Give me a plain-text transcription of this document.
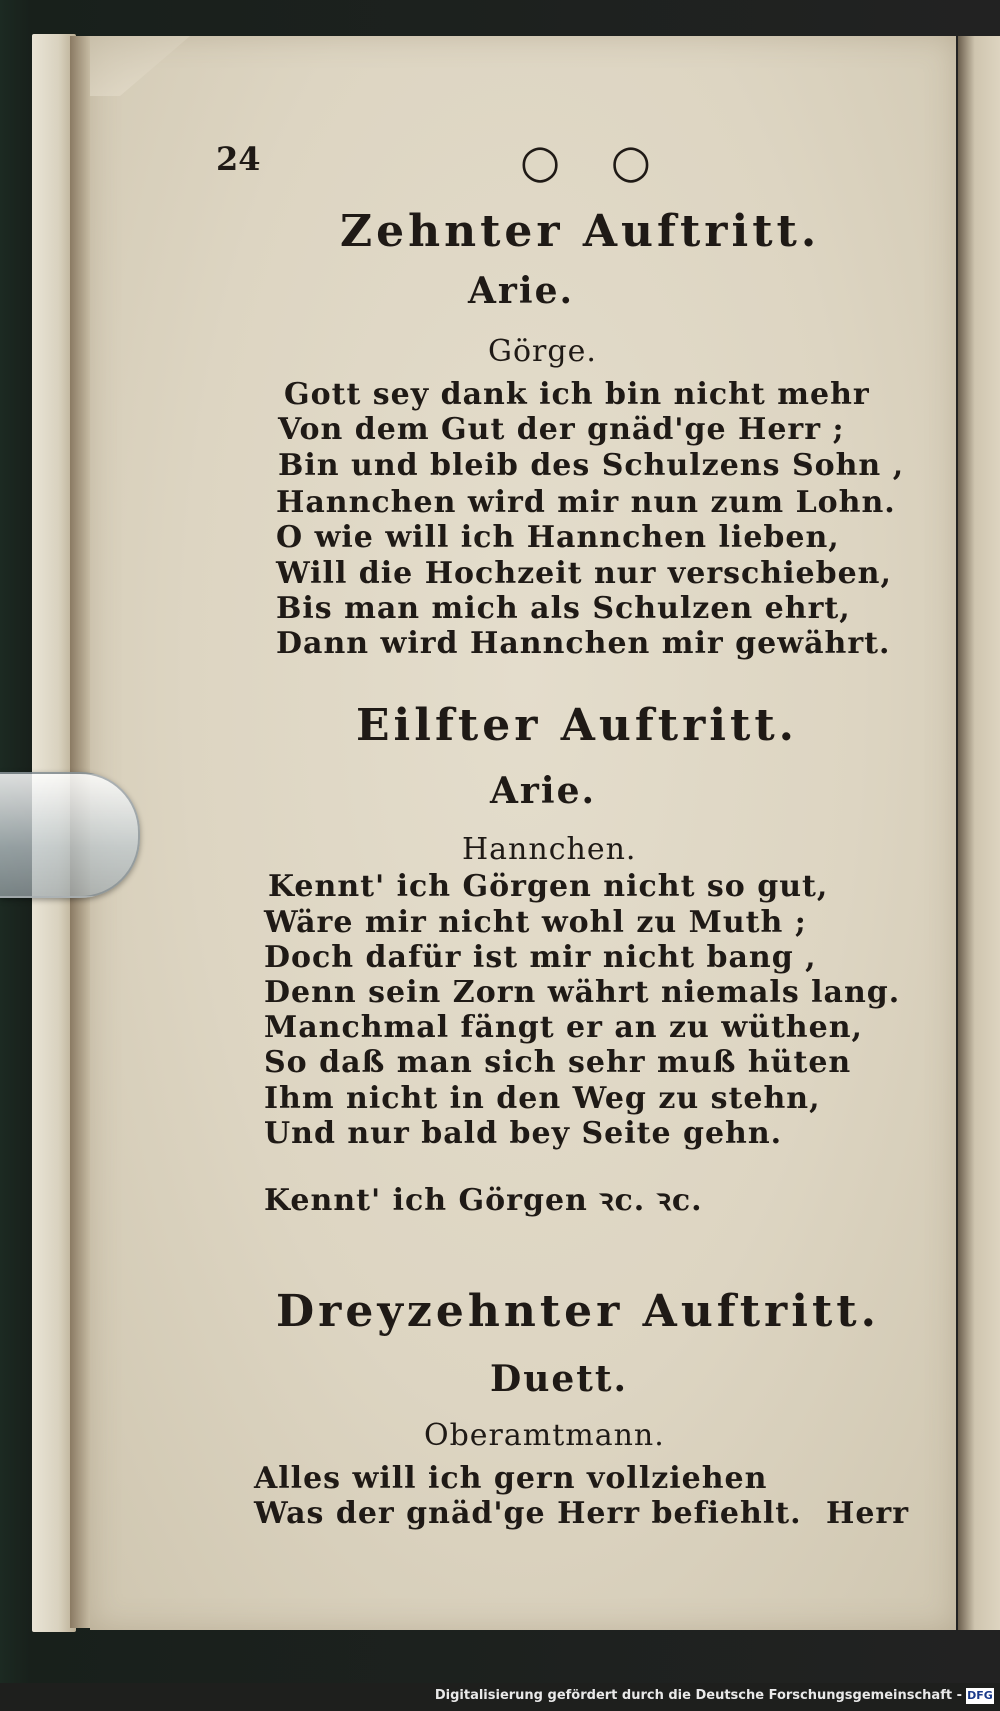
24	○ ○
Zehnter Auftritt.
Arie.
Görge.
Gott sey dank ich bin nicht mehr
Von dem Gut der gnäd'ge Herr ;
Bin und bleib des Schulzens Sohn ,
Hannchen wird mir nun zum Lohn.
O wie will ich Hannchen lieben,
Will die Hochzeit nur verschieben,
Bis man mich als Schulzen ehrt,
Dann wird Hannchen mir gewährt.
Eilfter Auftritt.
Arie.
Hannchen.
Kennt' ich Görgen nicht so gut,
Wäre mir nicht wohl zu Muth ;
Doch dafür ist mir nicht bang ,
Denn sein Zorn währt niemals lang.
Manchmal fängt er an zu wüthen,
So daß man sich sehr muß hüten
Ihm nicht in den Weg zu stehn,
Und nur bald bey Seite gehn.
Kennt' ich Görgen ꝛc. ꝛc.
Dreyzehnter Auftritt.
Duett.
Oberamtmann.
Alles will ich gern vollziehen
Was der gnäd'ge Herr befiehlt. Herr
Digitalisierung gefördert durch die Deutsche Forschungsgemeinschaft - DFG
